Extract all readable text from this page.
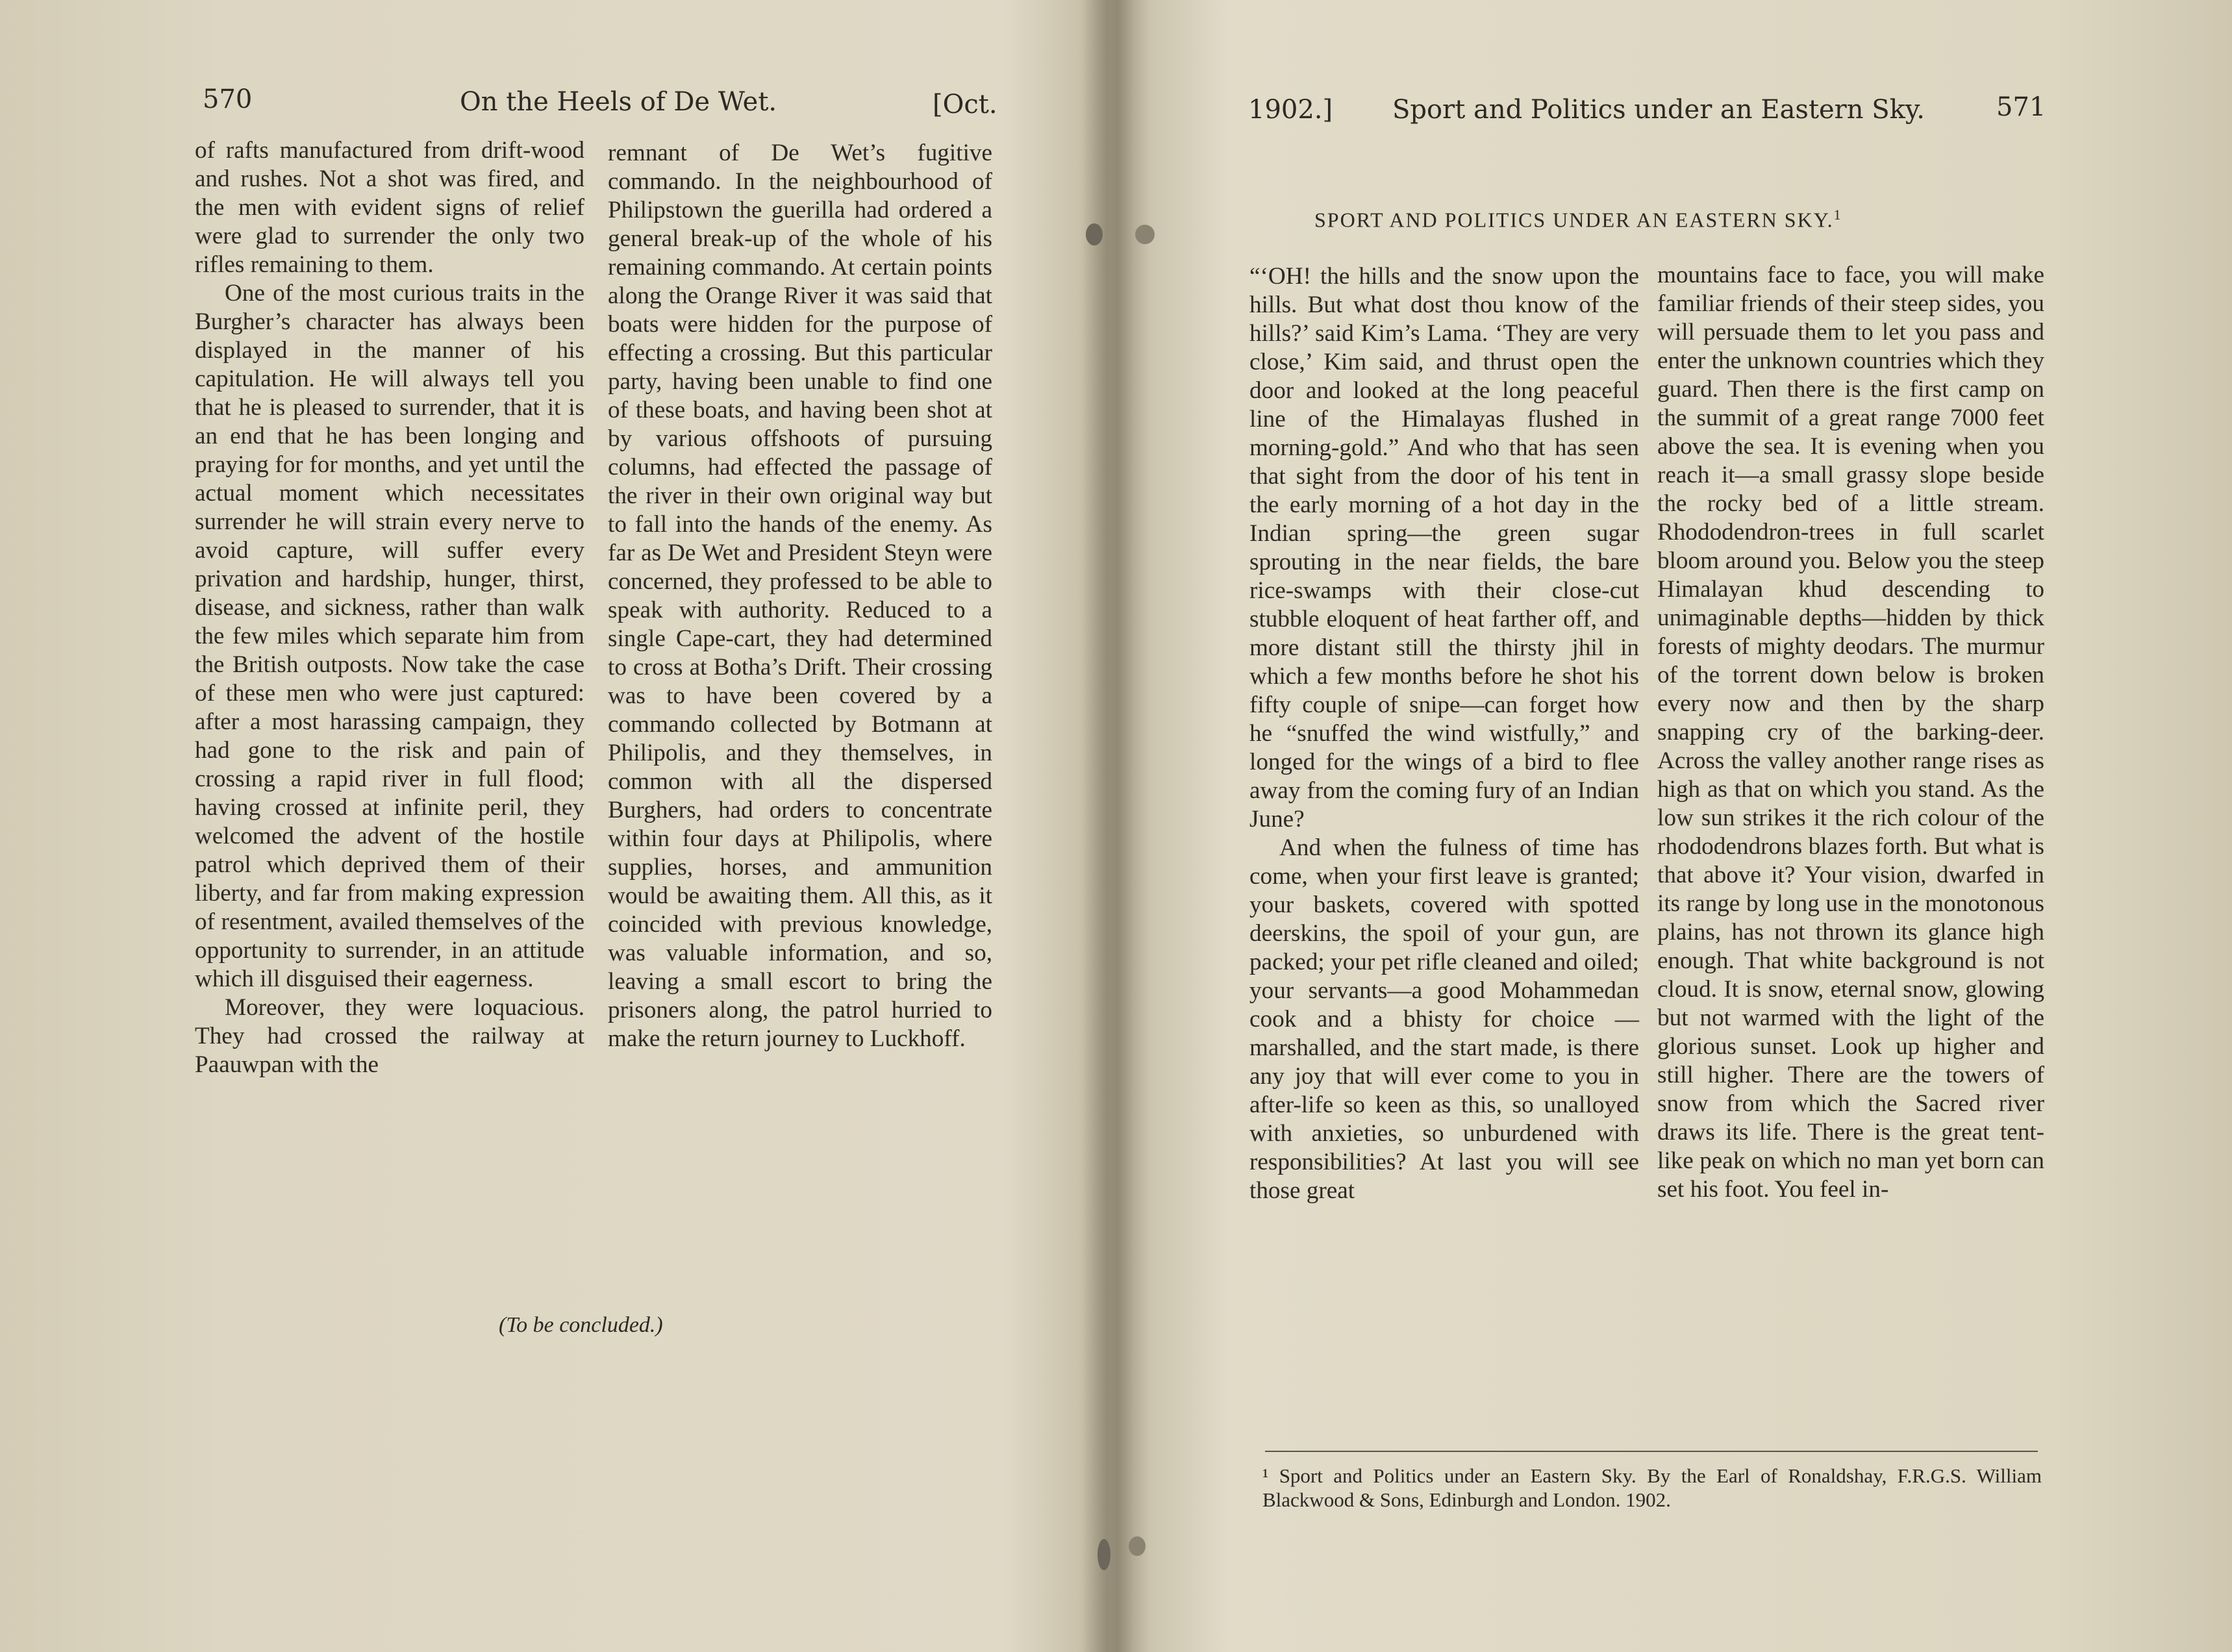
570	On the Heels of De Wet.	[Oct.

of rafts manufactured from drift-wood and rushes. Not a shot was fired, and the men with evident signs of relief were glad to surrender the only two rifles remaining to them.

One of the most curious traits in the Burgher’s character has always been displayed in the manner of his capitulation. He will always tell you that he is pleased to surrender, that it is an end that he has been longing and praying for for months, and yet until the actual moment which necessitates surrender he will strain every nerve to avoid capture, will suffer every privation and hardship, hunger, thirst, disease, and sickness, rather than walk the few miles which separate him from the British outposts. Now take the case of these men who were just captured: after a most harassing campaign, they had gone to the risk and pain of crossing a rapid river in full flood; having crossed at infinite peril, they welcomed the advent of the hostile patrol which deprived them of their liberty, and far from making expression of resentment, availed themselves of the opportunity to surrender, in an attitude which ill disguised their eagerness.

Moreover, they were loquacious. They had crossed the railway at Paauwpan with the

remnant of De Wet’s fugitive commando. In the neighbourhood of Philipstown the guerilla had ordered a general break-up of the whole of his remaining commando. At certain points along the Orange River it was said that boats were hidden for the purpose of effecting a crossing. But this particular party, having been unable to find one of these boats, and having been shot at by various offshoots of pursuing columns, had effected the passage of the river in their own original way but to fall into the hands of the enemy. As far as De Wet and President Steyn were concerned, they professed to be able to speak with authority. Reduced to a single Cape-cart, they had determined to cross at Botha’s Drift. Their crossing was to have been covered by a commando collected by Botmann at Philipolis, and they themselves, in common with all the dispersed Burghers, had orders to concentrate within four days at Philipolis, where supplies, horses, and ammunition would be awaiting them. All this, as it coincided with previous knowledge, was valuable information, and so, leaving a small escort to bring the prisoners along, the patrol hurried to make the return journey to Luckhoff.

(To be concluded.)
1902.] Sport and Politics under an Eastern Sky.	571
SPORT AND POLITICS UNDER AN EASTERN SKY.$^1$

“‘OH! the hills and the snow upon the hills. But what dost thou know of the hills?’ said Kim’s Lama. ‘They are very close,’ Kim said, and thrust open the door and looked at the long peaceful line of the Himalayas flushed in morning-gold.” And who that has seen that sight from the door of his tent in the early morning of a hot day in the Indian spring—the green sugar sprouting in the near fields, the bare rice-swamps with their close-cut stubble eloquent of heat farther off, and more distant still the thirsty jhil in which a few months before he shot his fifty couple of snipe—can forget how he “snuffed the wind wistfully,” and longed for the wings of a bird to flee away from the coming fury of an Indian June?

And when the fulness of time has come, when your first leave is granted; your baskets, covered with spotted deerskins, the spoil of your gun, are packed; your pet rifle cleaned and oiled; your servants—a good Mohammedan cook and a bhisty for choice — marshalled, and the start made, is there any joy that will ever come to you in after-life so keen as this, so unalloyed with anxieties, so unburdened with responsibilities? At last you will see those great

mountains face to face, you will make familiar friends of their steep sides, you will persuade them to let you pass and enter the unknown countries which they guard. Then there is the first camp on the summit of a great range 7000 feet above the sea. It is evening when you reach it—a small grassy slope beside the rocky bed of a little stream. Rhododendron-trees in full scarlet bloom around you. Below you the steep Himalayan khud descending to unimaginable depths—hidden by thick forests of mighty deodars. The murmur of the torrent down below is broken every now and then by the sharp snapping cry of the barking-deer. Across the valley another range rises as high as that on which you stand. As the low sun strikes it the rich colour of the rhododendrons blazes forth. But what is that above it? Your vision, dwarfed in its range by long use in the monotonous plains, has not thrown its glance high enough. That white background is not cloud. It is snow, eternal snow, glowing but not warmed with the light of the glorious sunset. Look up higher and still higher. There are the towers of snow from which the Sacred river draws its life. There is the great tent-like peak on which no man yet born can set his foot. You feel in-

¹ Sport and Politics under an Eastern Sky. By the Earl of Ronaldshay, F.R.G.S. William Blackwood & Sons, Edinburgh and London. 1902.
